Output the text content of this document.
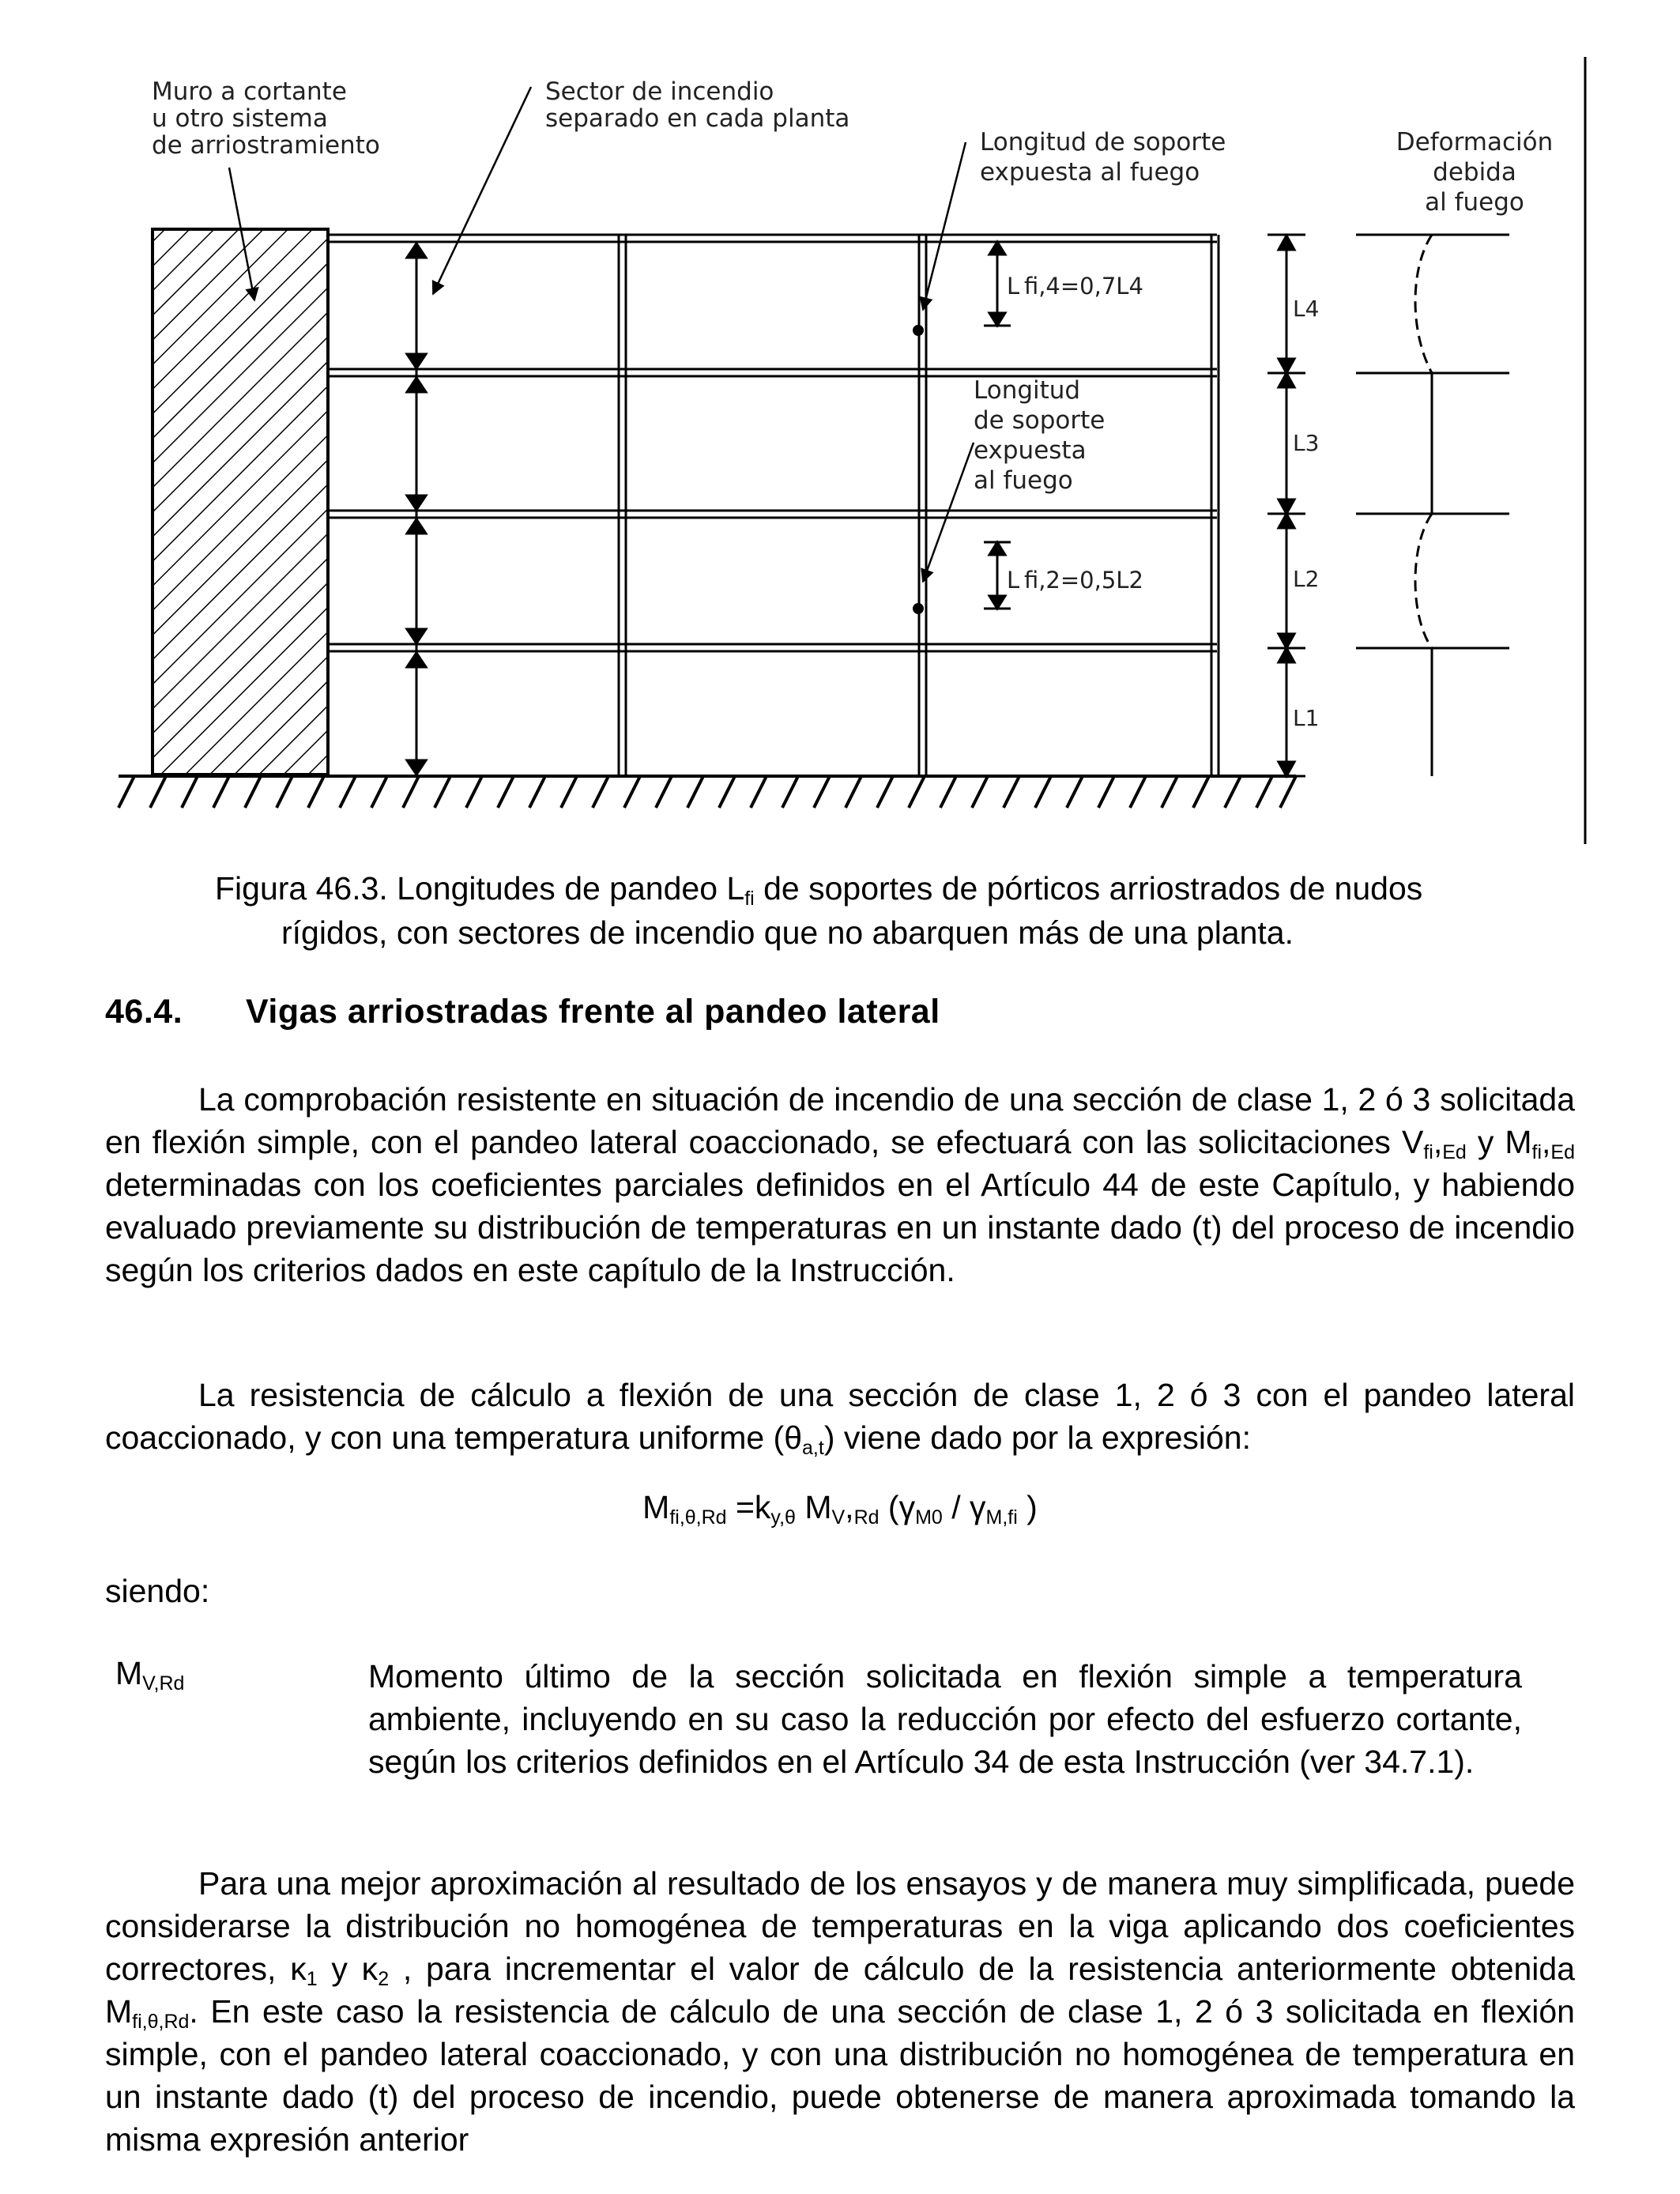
Muro a cortante
u otro sistema
de arriostramiento
Sector de incendio
separado en cada planta
Longitud de soporte
expuesta al fuego
Deformación
debida
al fuego
Longitud
de soporte
expuesta
al fuego
L fi,4=0,7L4
L fi,2=0,5L2
L4
L3
L2
L1
Figura 46.3. Longitudes de pandeo $L_{fi}$ de soportes de pórticos arriostrados de nudos
rígidos, con sectores de incendio que no abarquen más de una planta.
46.4. Vigas arriostradas frente al pandeo lateral
La comprobación resistente en situación de incendio de una sección de clase 1, 2 ó 3 solicitada en flexión simple, con el pandeo lateral coaccionado, se efectuará con las solicitaciones $V_{fi},_{Ed}$ y $M_{fi},_{Ed}$ determinadas con los coeficientes parciales definidos en el Artículo 44 de este Capítulo, y habiendo evaluado previamente su distribución de temperaturas en un instante dado (t) del proceso de incendio según los criterios dados en este capítulo de la Instrucción.
La resistencia de cálculo a flexión de una sección de clase 1, 2 ó 3 con el pandeo lateral coaccionado, y con una temperatura uniforme $(\theta_{a,t})$ viene dado por la expresión:
$M_{fi,\theta,Rd} =k_{y,\theta}$ $M_V,_{Rd}$ ($\gamma_{M0} / \gamma_{M,fi}$ )
siendo:
$M_{V,Rd}$	Momento último de la sección solicitada en flexión simple a temperatura ambiente, incluyendo en su caso la reducción por efecto del esfuerzo cortante, según los criterios definidos en el Artículo 34 de esta Instrucción (ver 34.7.1).
Para una mejor aproximación al resultado de los ensayos y de manera muy simplificada, puede considerarse la distribución no homogénea de temperaturas en la viga aplicando dos coeficientes correctores, $\kappa_1$ y $\kappa_2$ , para incrementar el valor de cálculo de la resistencia anteriormente obtenida $M_{fi,\theta,Rd}$. En este caso la resistencia de cálculo de una sección de clase 1, 2 ó 3 solicitada en flexión simple, con el pandeo lateral coaccionado, y con una distribución no homogénea de temperatura en un instante dado (t) del proceso de incendio, puede obtenerse de manera aproximada tomando la misma expresión anterior
